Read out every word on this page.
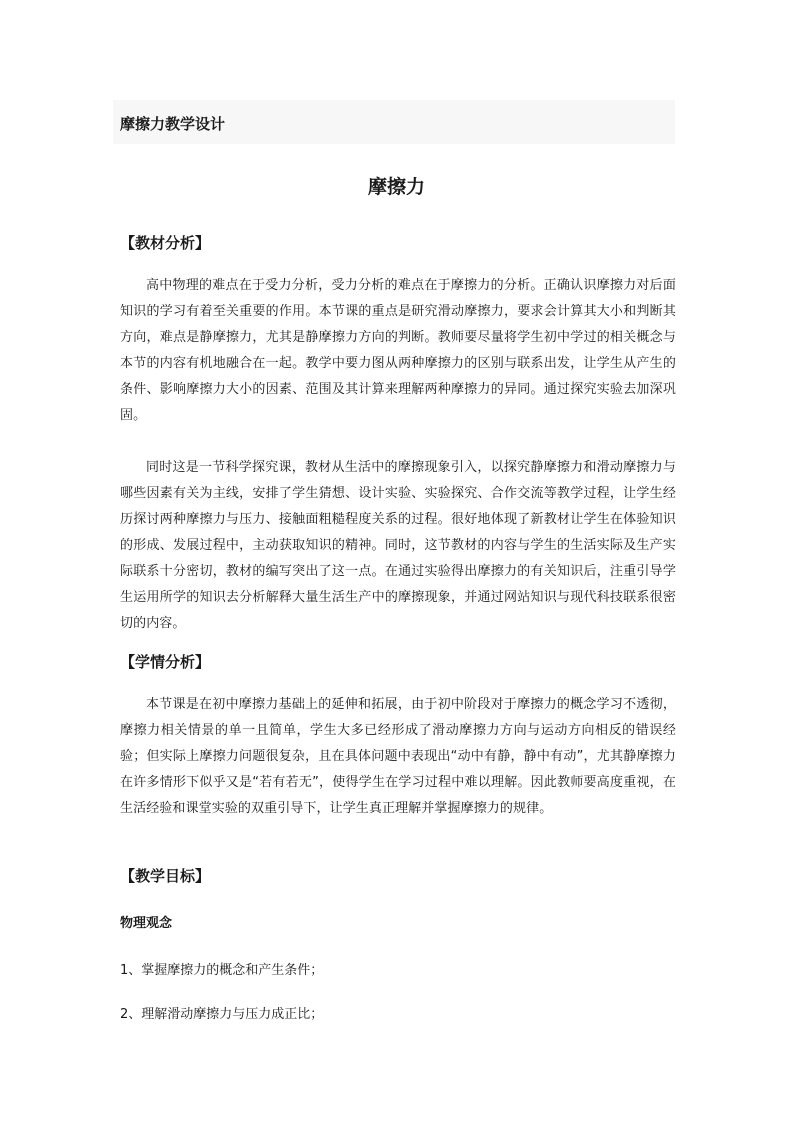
摩擦力教学设计
摩擦力
【教材分析】
高中物理的难点在于受力分析，受力分析的难点在于摩擦力的分析。正确认识摩擦力对后面知识的学习有着至关重要的作用。本节课的重点是研究滑动摩擦力，要求会计算其大小和判断其方向，难点是静摩擦力，尤其是静摩擦力方向的判断。教师要尽量将学生初中学过的相关概念与本节的内容有机地融合在一起。教学中要力图从两种摩擦力的区别与联系出发，让学生从产生的条件、影响摩擦力大小的因素、范围及其计算来理解两种摩擦力的异同。通过探究实验去加深巩固。
同时这是一节科学探究课，教材从生活中的摩擦现象引入，以探究静摩擦力和滑动摩擦力与哪些因素有关为主线，安排了学生猜想、设计实验、实验探究、合作交流等教学过程，让学生经历探讨两种摩擦力与压力、接触面粗糙程度关系的过程。很好地体现了新教材让学生在体验知识的形成、发展过程中，主动获取知识的精神。同时，这节教材的内容与学生的生活实际及生产实际联系十分密切，教材的编写突出了这一点。在通过实验得出摩擦力的有关知识后，注重引导学生运用所学的知识去分析解释大量生活生产中的摩擦现象，并通过网站知识与现代科技联系很密切的内容。
【学情分析】
本节课是在初中摩擦力基础上的延伸和拓展，由于初中阶段对于摩擦力的概念学习不透彻，摩擦力相关情景的单一且简单，学生大多已经形成了滑动摩擦力方向与运动方向相反的错误经验；但实际上摩擦力问题很复杂，且在具体问题中表现出“动中有静，静中有动”，尤其静摩擦力在许多情形下似乎又是“若有若无”，使得学生在学习过程中难以理解。因此教师要高度重视，在生活经验和课堂实验的双重引导下，让学生真正理解并掌握摩擦力的规律。
【教学目标】
物理观念
1、掌握摩擦力的概念和产生条件；
2、理解滑动摩擦力与压力成正比；
